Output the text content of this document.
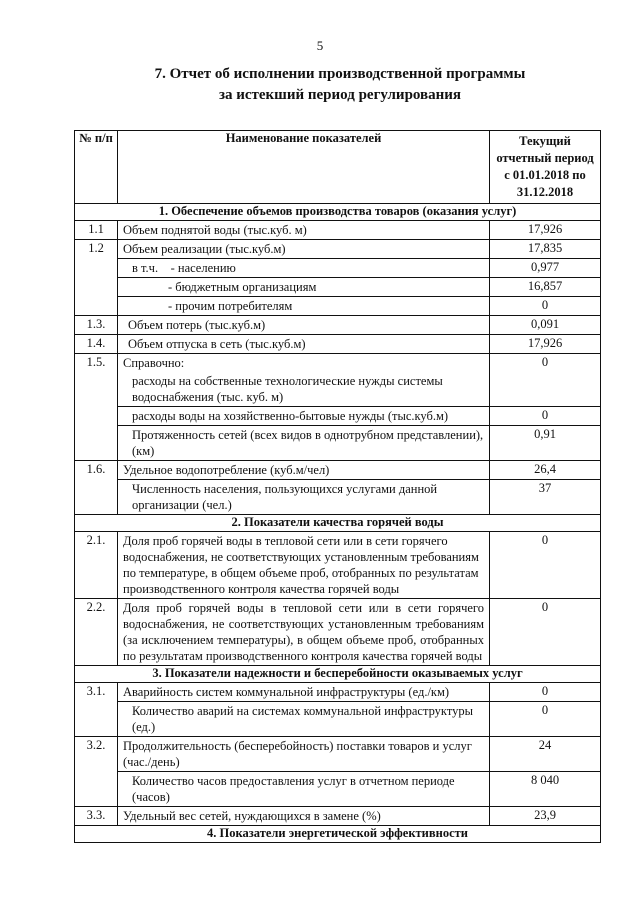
5
7. Отчет об исполнении производственной программы
за истекший период регулирования
№ п/п	Наименование показателей	Текущий
отчетный период
с 01.01.2018 по
31.12.2018

1. Обеспечение объемов производства товаров (оказания услуг)		
1.1	Объем поднятой воды (тыс.куб. м)	17,926
1.2	Объем реализации (тыс.куб.м)	17,835
	в т.ч.    - населению	0,977
	- бюджетным организациям	16,857
	- прочим потребителям	0
1.3.	Объем потерь (тыс.куб.м)	0,091
1.4.	Объем отпуска в сеть (тыс.куб.м)	17,926
1.5.	Справочно:	0
	расходы на собственные технологические нужды системы водоснабжения (тыс. куб. м)	
	расходы воды на хозяйственно-бытовые нужды (тыс.куб.м)	0
	Протяженность сетей (всех видов в однотрубном представлении), (км)	0,91
1.6.	Удельное водопотребление (куб.м/чел)	26,4
	Численность населения, пользующихся услугами данной организации (чел.)	37
2. Показатели качества горячей воды		
2.1.	Доля проб горячей воды в тепловой сети или в сети горячего водоснабжения, не соответствующих установленным требованиям по температуре, в общем объеме проб, отобранных по результатам производственного контроля качества горячей воды	0
2.2.	Доля проб горячей воды в тепловой сети или в сети горячего водоснабжения, не соответствующих установленным требованиям (за исключением температуры), в общем объеме проб, отобранных по результатам производственного контроля качества горячей воды	0
3. Показатели надежности и бесперебойности оказываемых услуг		
3.1.	Аварийность систем коммунальной инфраструктуры (ед./км)	0
	Количество аварий на системах коммунальной инфраструктуры (ед.)	0
3.2.	Продолжительность (бесперебойность) поставки товаров и услуг (час./день)	24
	Количество часов предоставления услуг в отчетном периоде (часов)	8 040
3.3.	Удельный вес сетей, нуждающихся в замене (%)	23,9
4. Показатели энергетической эффективности		
